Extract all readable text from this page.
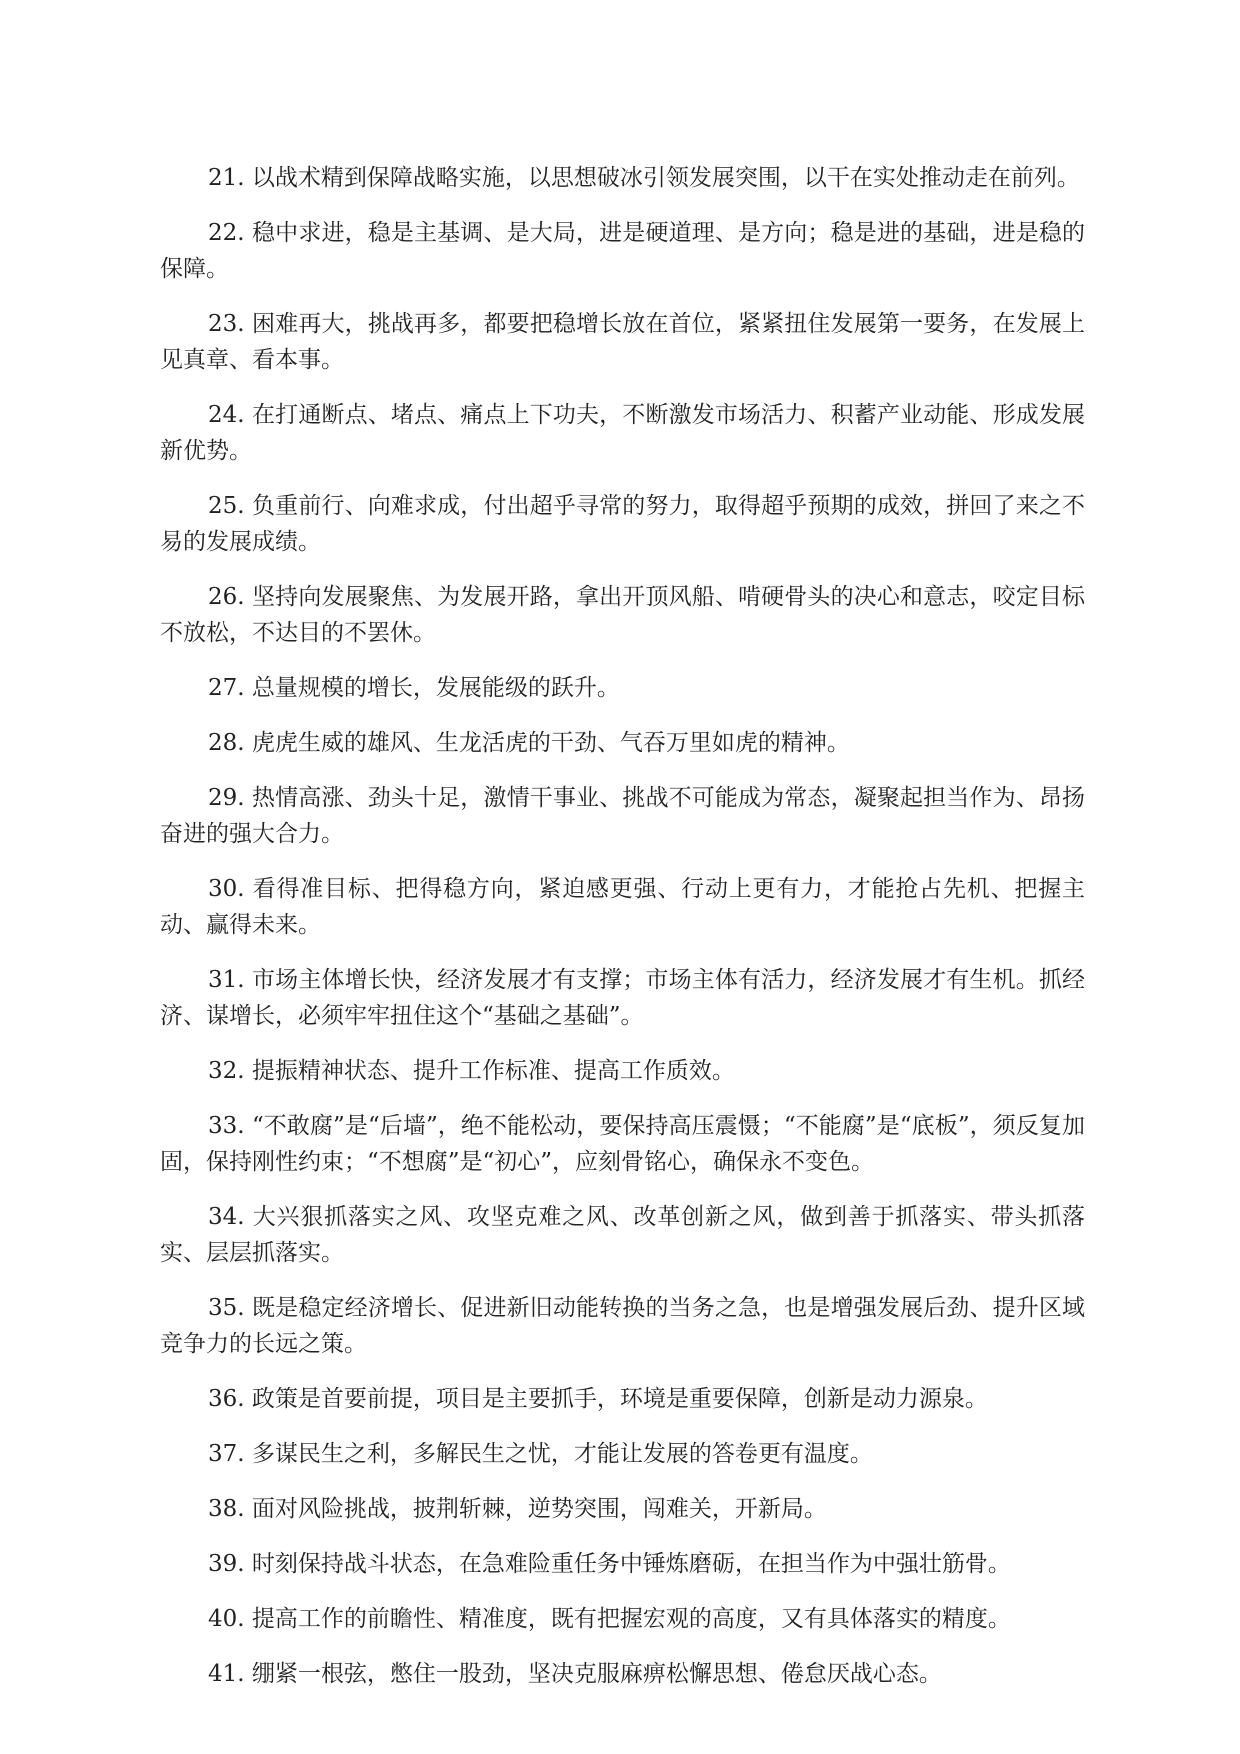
21. 以战术精到保障战略实施，以思想破冰引领发展突围，以干在实处推动走在前列。

22. 稳中求进，稳是主基调、是大局，进是硬道理、是方向；稳是进的基础，进是稳的保障。

23. 困难再大，挑战再多，都要把稳增长放在首位，紧紧扭住发展第一要务，在发展上见真章、看本事。

24. 在打通断点、堵点、痛点上下功夫，不断激发市场活力、积蓄产业动能、形成发展新优势。

25. 负重前行、向难求成，付出超乎寻常的努力，取得超乎预期的成效，拼回了来之不易的发展成绩。

26. 坚持向发展聚焦、为发展开路，拿出开顶风船、啃硬骨头的决心和意志，咬定目标不放松，不达目的不罢休。

27. 总量规模的增长，发展能级的跃升。

28. 虎虎生威的雄风、生龙活虎的干劲、气吞万里如虎的精神。

29. 热情高涨、劲头十足，激情干事业、挑战不可能成为常态，凝聚起担当作为、昂扬奋进的强大合力。

30. 看得准目标、把得稳方向，紧迫感更强、行动上更有力，才能抢占先机、把握主动、赢得未来。

31. 市场主体增长快，经济发展才有支撑；市场主体有活力，经济发展才有生机。抓经济、谋增长，必须牢牢扭住这个“基础之基础”。

32. 提振精神状态、提升工作标准、提高工作质效。

33. “不敢腐”是“后墙”，绝不能松动，要保持高压震慑；“不能腐”是“底板”，须反复加固，保持刚性约束；“不想腐”是“初心”，应刻骨铭心，确保永不变色。

34. 大兴狠抓落实之风、攻坚克难之风、改革创新之风，做到善于抓落实、带头抓落实、层层抓落实。

35. 既是稳定经济增长、促进新旧动能转换的当务之急，也是增强发展后劲、提升区域竞争力的长远之策。

36. 政策是首要前提，项目是主要抓手，环境是重要保障，创新是动力源泉。

37. 多谋民生之利，多解民生之忧，才能让发展的答卷更有温度。

38. 面对风险挑战，披荆斩棘，逆势突围，闯难关，开新局。

39. 时刻保持战斗状态，在急难险重任务中锤炼磨砺，在担当作为中强壮筋骨。

40. 提高工作的前瞻性、精准度，既有把握宏观的高度，又有具体落实的精度。

41. 绷紧一根弦，憋住一股劲，坚决克服麻痹松懈思想、倦怠厌战心态。
